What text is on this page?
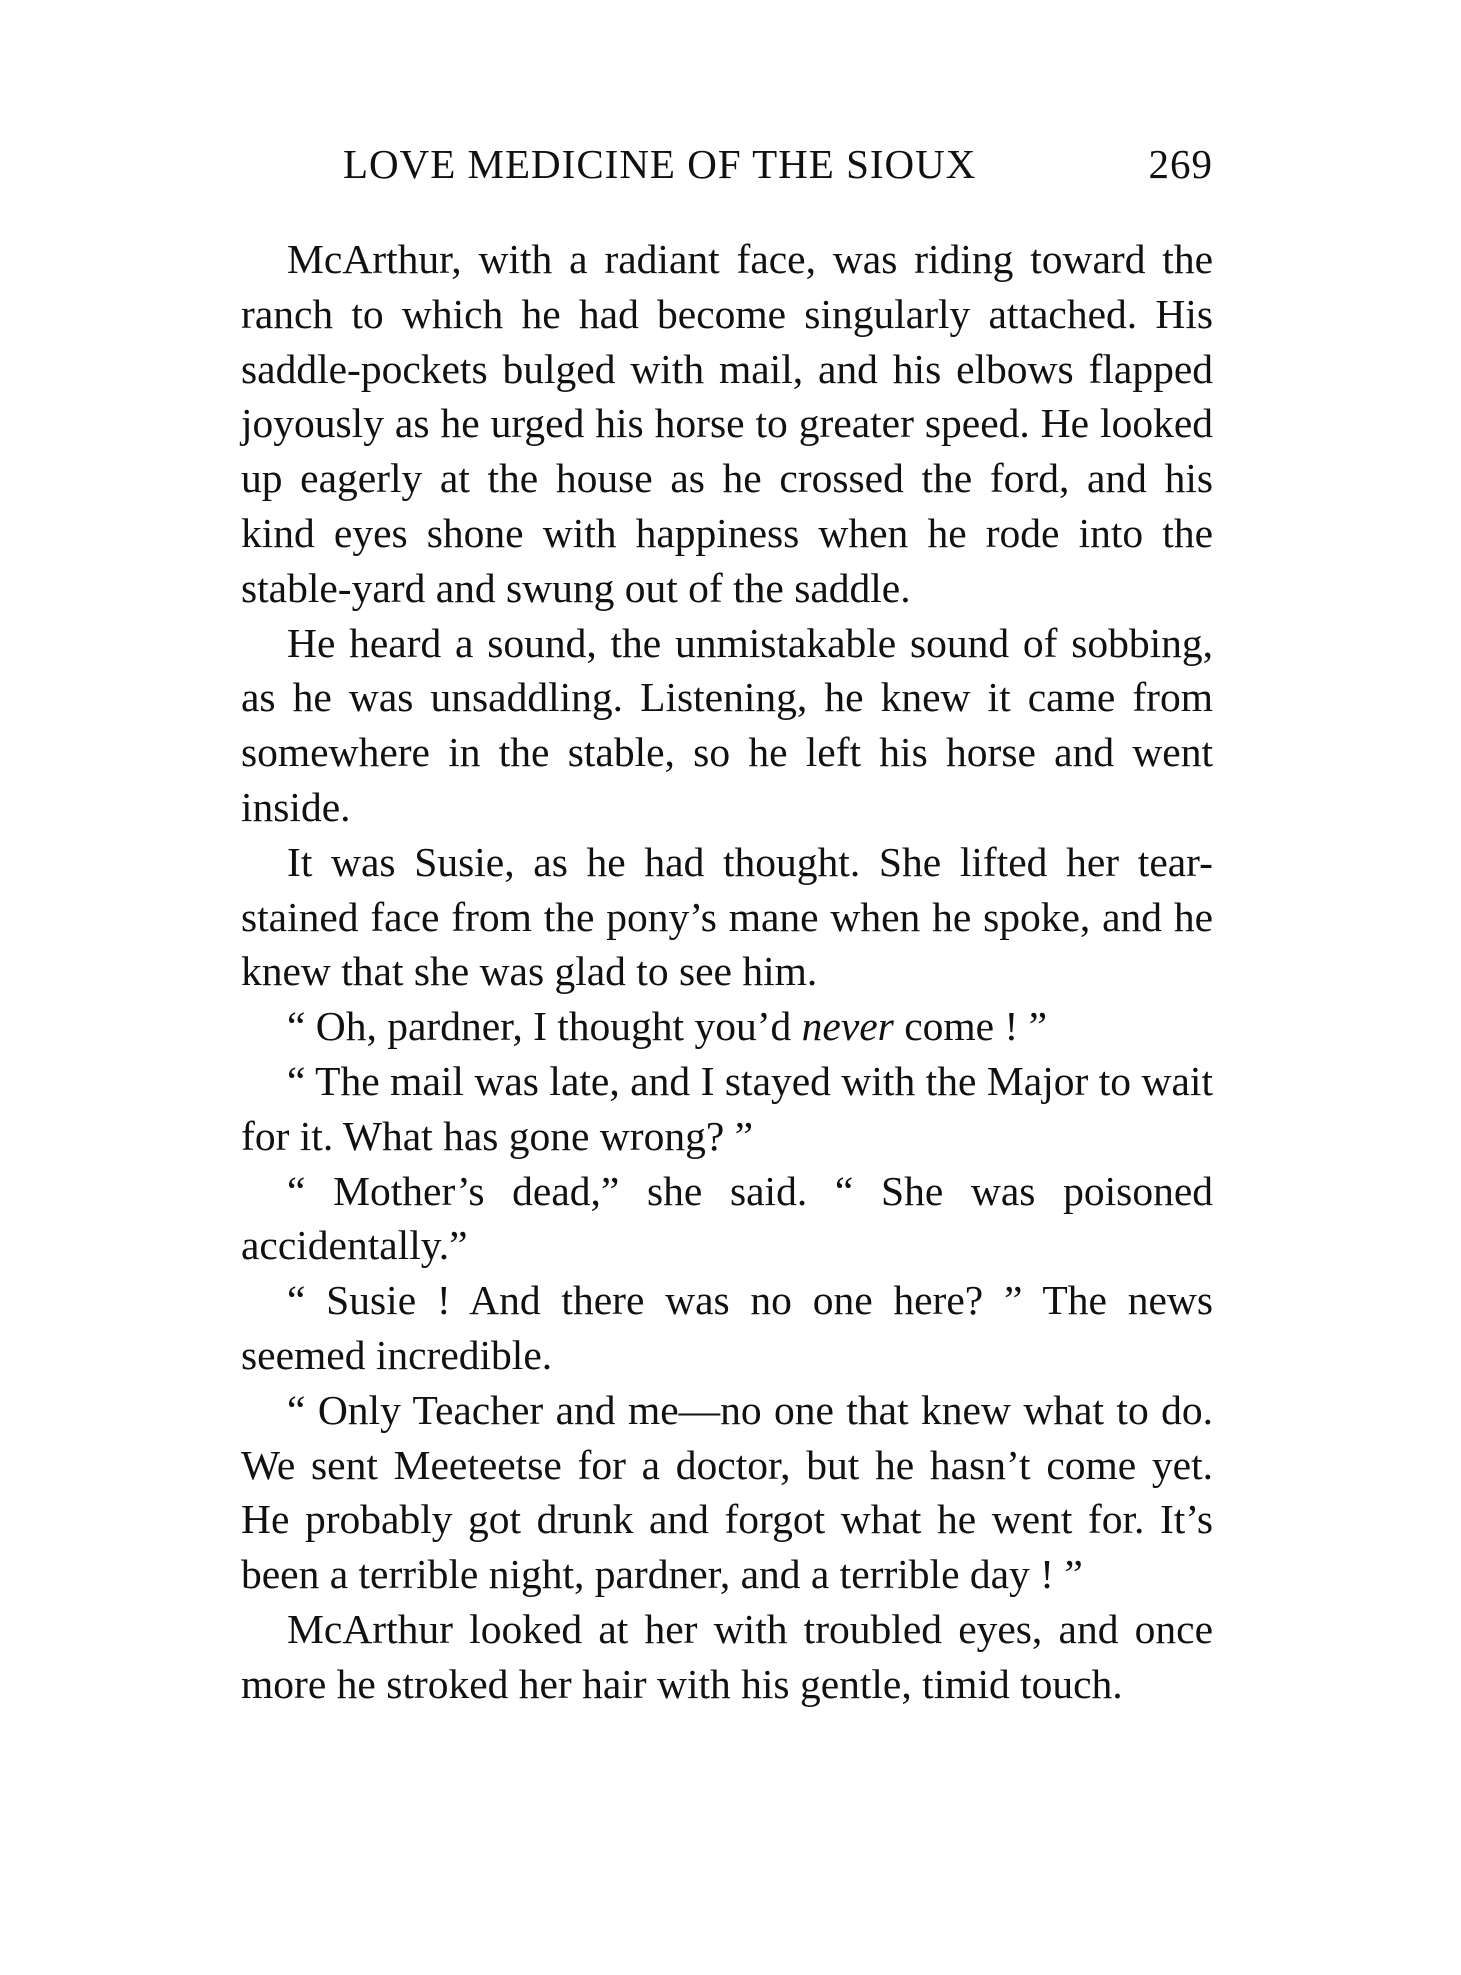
LOVE MEDICINE OF THE SIOUX	269

McArthur, with a radiant face, was riding toward the ranch to which he had become singularly attached. His saddle-pockets bulged with mail, and his elbows flapped joyously as he urged his horse to greater speed. He looked up eagerly at the house as he crossed the ford, and his kind eyes shone with happiness when he rode into the stable-yard and swung out of the saddle.

He heard a sound, the unmistakable sound of sobbing, as he was unsaddling. Listening, he knew it came from somewhere in the stable, so he left his horse and went inside.

It was Susie, as he had thought. She lifted her tear-stained face from the pony’s mane when he spoke, and he knew that she was glad to see him.

“ Oh, pardner, I thought you’d never come ! ”

“ The mail was late, and I stayed with the Major to wait for it. What has gone wrong? ”

“ Mother’s dead,” she said. “ She was poisoned accidentally.”

“ Susie ! And there was no one here? ” The news seemed incredible.

“ Only Teacher and me—no one that knew what to do. We sent Meeteetse for a doctor, but he hasn’t come yet. He probably got drunk and forgot what he went for. It’s been a terrible night, pardner, and a terrible day ! ”

McArthur looked at her with troubled eyes, and once more he stroked her hair with his gentle, timid touch.
